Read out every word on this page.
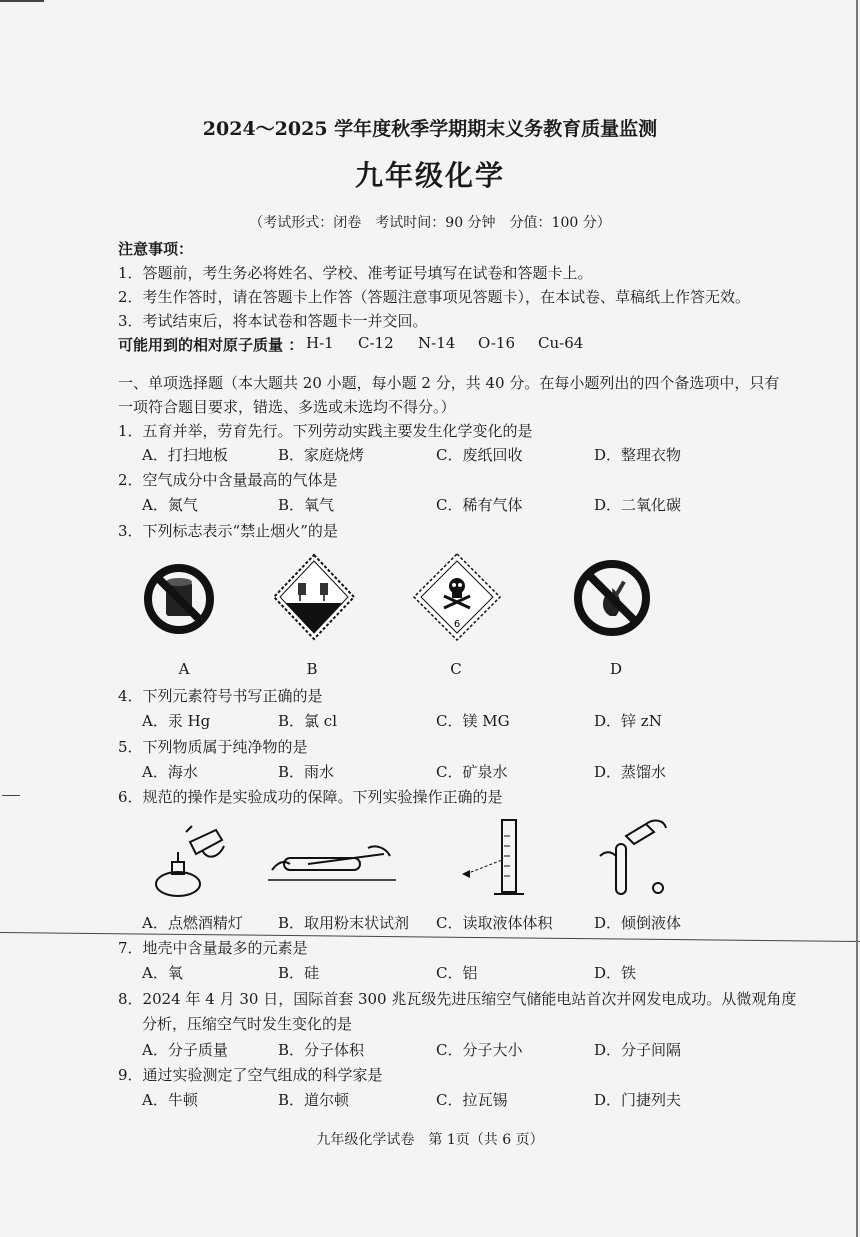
2024～2025 学年度秋季学期期末义务教育质量监测
九年级化学
（考试形式：闭卷　考试时间：90 分钟　分值：100 分）
注意事项：
1．答题前，考生务必将姓名、学校、准考证号填写在试卷和答题卡上。
2．考生作答时，请在答题卡上作答（答题注意事项见答题卡），在本试卷、草稿纸上作答无效。
3．考试结束后，将本试卷和答题卡一并交回。
可能用到的相对原子质量 ： H-1 C-12 N-14 O-16 Cu-64
一、单项选择题（本大题共 20 小题，每小题 2 分，共 40 分。在每小题列出的四个备选项中，只有
一项符合题目要求，错选、多选或未选均不得分。）
1．五育并举，劳育先行。下列劳动实践主要发生化学变化的是
A．打扫地板	B．家庭烧烤	C．废纸回收	D．整理衣物
2．空气成分中含量最高的气体是
A．氮气	B．氧气	C．稀有气体	D．二氧化碳
3．下列标志表示“禁止烟火”的是
6
A	B	C	D
4．下列元素符号书写正确的是
A．汞 Hg	B．氯 cl	C．镁 MG	D．锌 zN
5．下列物质属于纯净物的是
A．海水	B．雨水	C．矿泉水	D．蒸馏水
6．规范的操作是实验成功的保障。下列实验操作正确的是
A．点燃酒精灯 B．取用粉末状试剂 C．读取液体体积	D．倾倒液体
7．地壳中含量最多的元素是
A．氧	B．硅	C．铝	D．铁
8．2024 年 4 月 30 日，国际首套 300 兆瓦级先进压缩空气储能电站首次并网发电成功。从微观角度
分析，压缩空气时发生变化的是
A．分子质量	B．分子体积	C．分子大小	D．分子间隔
9．通过实验测定了空气组成的科学家是
A．牛顿	B．道尔顿	C．拉瓦锡	D．门捷列夫
九年级化学试卷　第 1页（共 6 页）
